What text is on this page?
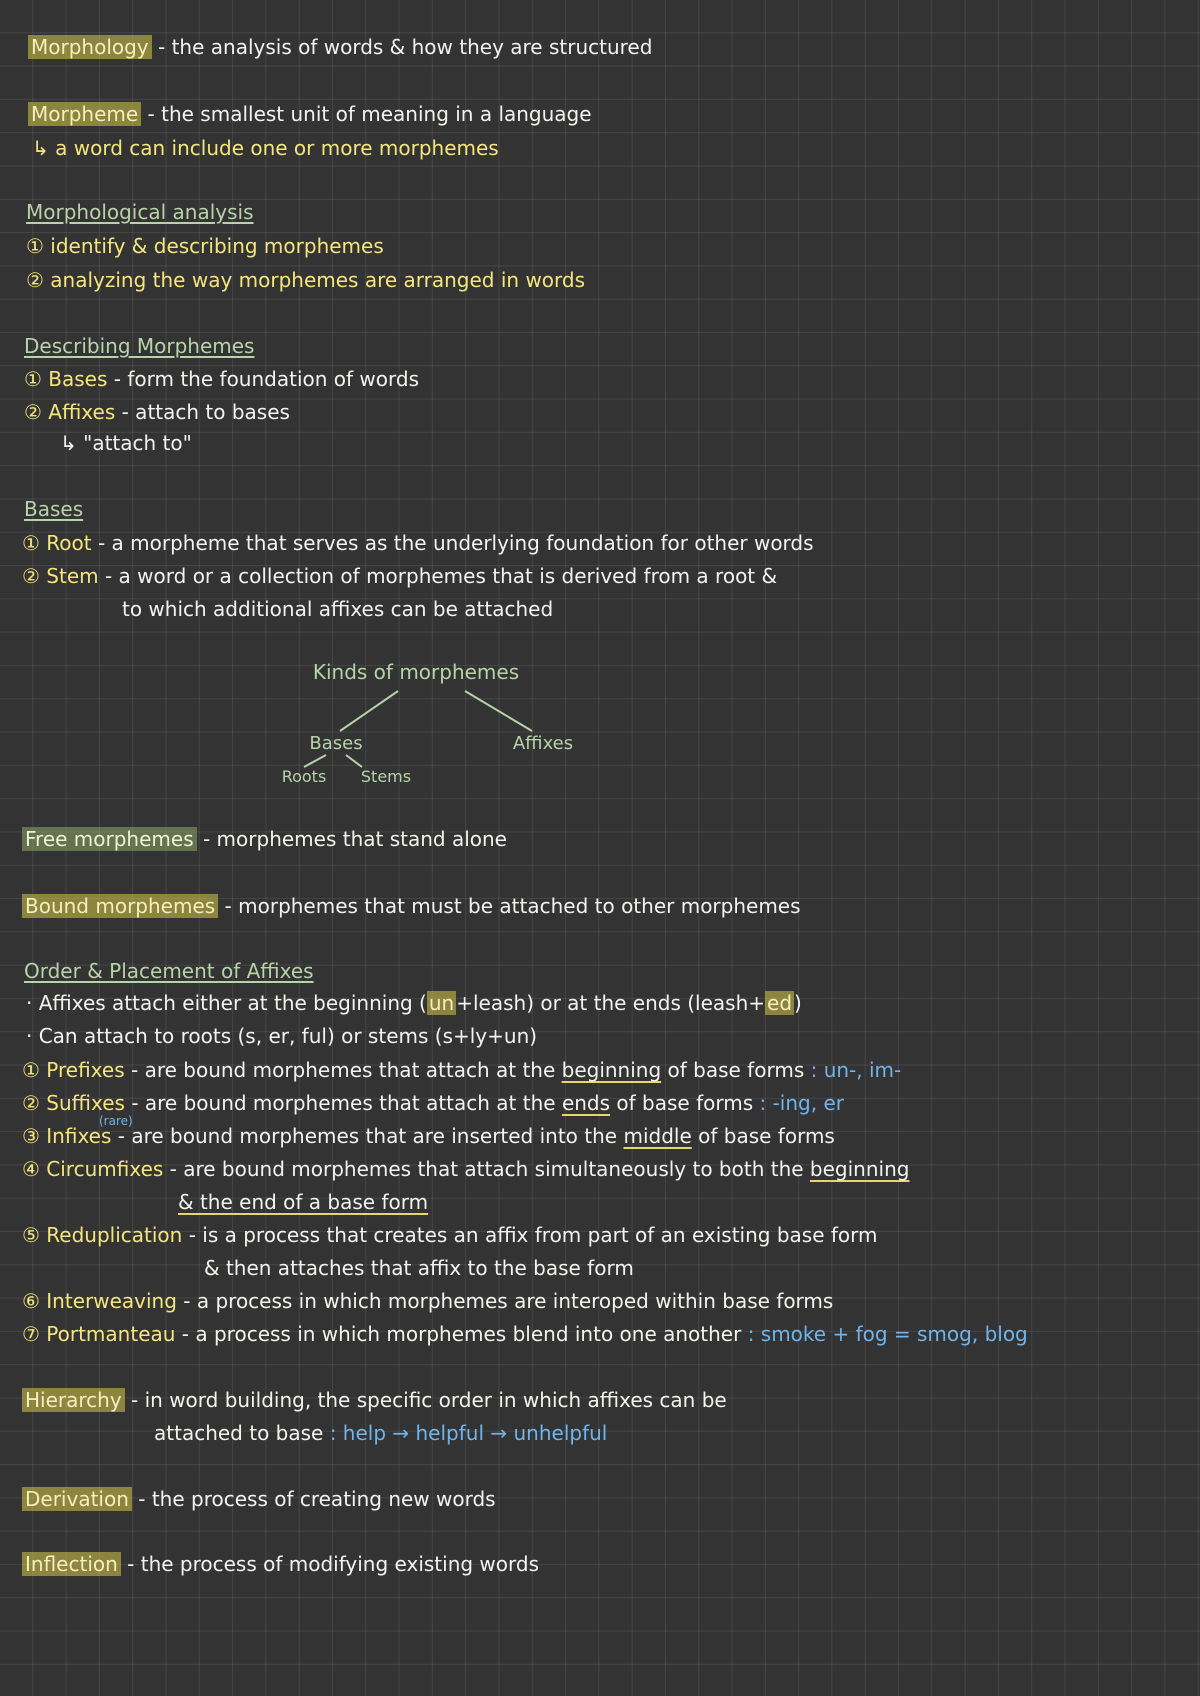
Morphology - the analysis of words & how they are structured
Morpheme - the smallest unit of meaning in a language
↳ a word can include one or more morphemes
Morphological analysis
① identify & describing morphemes
② analyzing the way morphemes are arranged in words
Describing Morphemes
① Bases - form the foundation of words
② Affixes - attach to bases
↳ "attach to"
Bases
① Root - a morpheme that serves as the underlying foundation for other words
② Stem - a word or a collection of morphemes that is derived from a root &
to which additional affixes can be attached
Kinds of morphemes
Bases	Affixes
Roots Stems
Free morphemes - morphemes that stand alone
Bound morphemes - morphemes that must be attached to other morphemes
Order & Placement of Affixes
· Affixes attach either at the beginning ( un +leash) or at the ends (leash+ ed )
· Can attach to roots (s, er, ful) or stems (s+ly+un)
① Prefixes - are bound morphemes that attach at the beginning of base forms : un-, im-
② Suffixes - are bound morphemes that attach at the ends of base forms : -ing, er
(rare)
③ Infixes - are bound morphemes that are inserted into the middle of base forms
④ Circumfixes - are bound morphemes that attach simultaneously to both the beginning
& the end of a base form
⑤ Reduplication - is a process that creates an affix from part of an existing base form
& then attaches that affix to the base form
⑥ Interweaving - a process in which morphemes are interoped within base forms
⑦ Portmanteau - a process in which morphemes blend into one another : smoke + fog = smog, blog
Hierarchy - in word building, the specific order in which affixes can be
attached to base : help → helpful → unhelpful
Derivation - the process of creating new words
Inflection - the process of modifying existing words
